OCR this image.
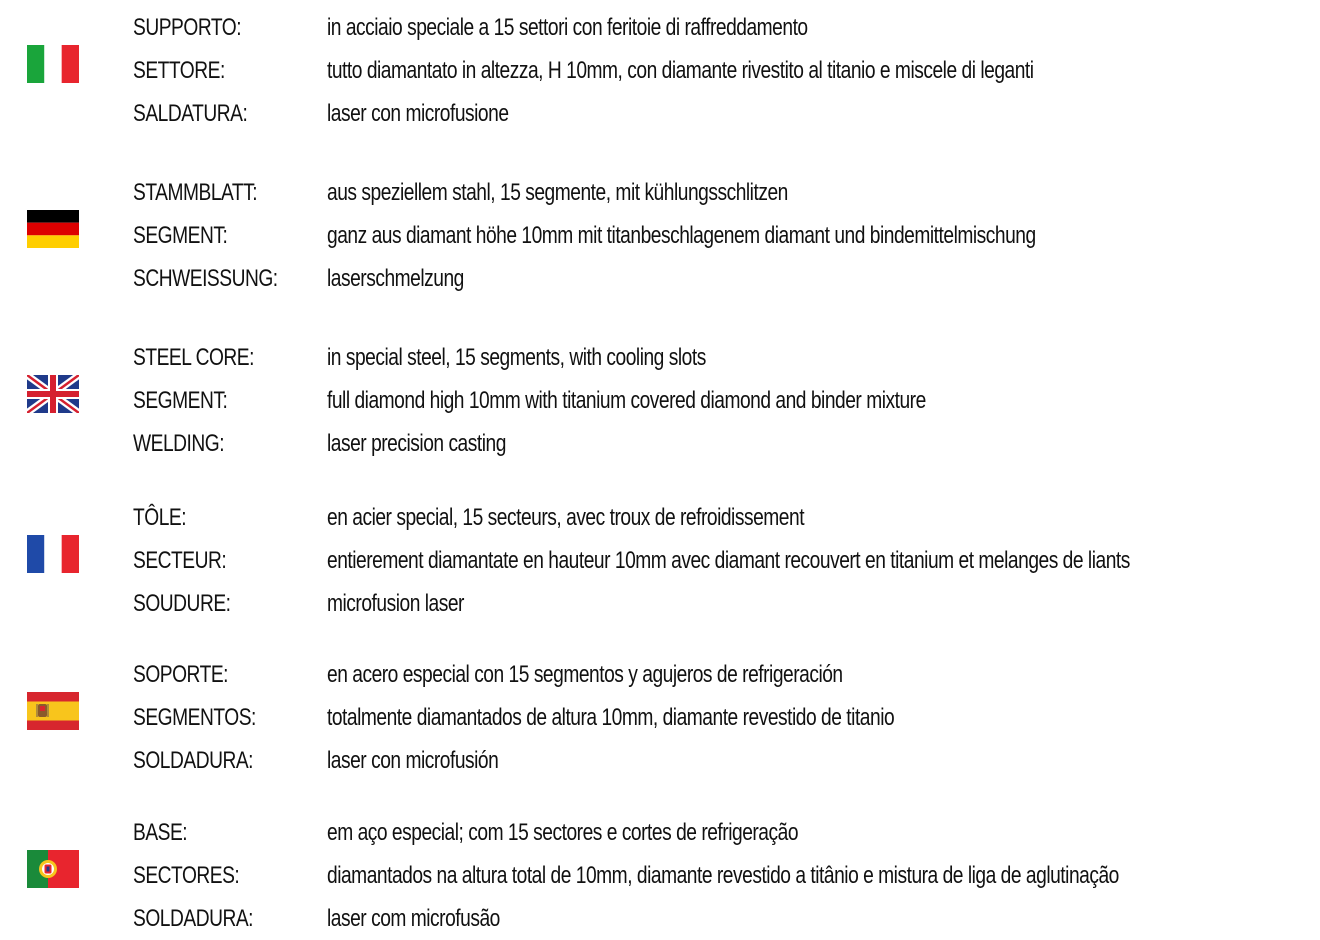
SUPPORTO:	in acciaio speciale a 15 settori con feritoie di raffreddamento
SETTORE:	tutto diamantato in altezza, H 10mm, con diamante rivestito al titanio e miscele di leganti
SALDATURA:	laser con microfusione
STAMMBLATT:	aus speziellem stahl, 15 segmente, mit kühlungsschlitzen
SEGMENT:	ganz aus diamant höhe 10mm mit titanbeschlagenem diamant und bindemittelmischung
SCHWEISSUNG: laserschmelzung
STEEL CORE:	in special steel, 15 segments, with cooling slots
SEGMENT:	full diamond high 10mm with titanium covered diamond and binder mixture
WELDING:	laser precision casting
TÔLE:	en acier special, 15 secteurs, avec troux de refroidissement
SECTEUR:	entierement diamantate en hauteur 10mm avec diamant recouvert en titanium et melanges de liants
SOUDURE:	microfusion laser
SOPORTE:	en acero especial con 15 segmentos y agujeros de refrigeración
SEGMENTOS:	totalmente diamantados de altura 10mm, diamante revestido de titanio
SOLDADURA:	laser con microfusión
BASE:	em aço especial; com 15 sectores e cortes de refrigeração
SECTORES:	diamantados na altura total de 10mm, diamante revestido a titânio e mistura de liga de aglutinação
SOLDADURA:	laser com microfusão
